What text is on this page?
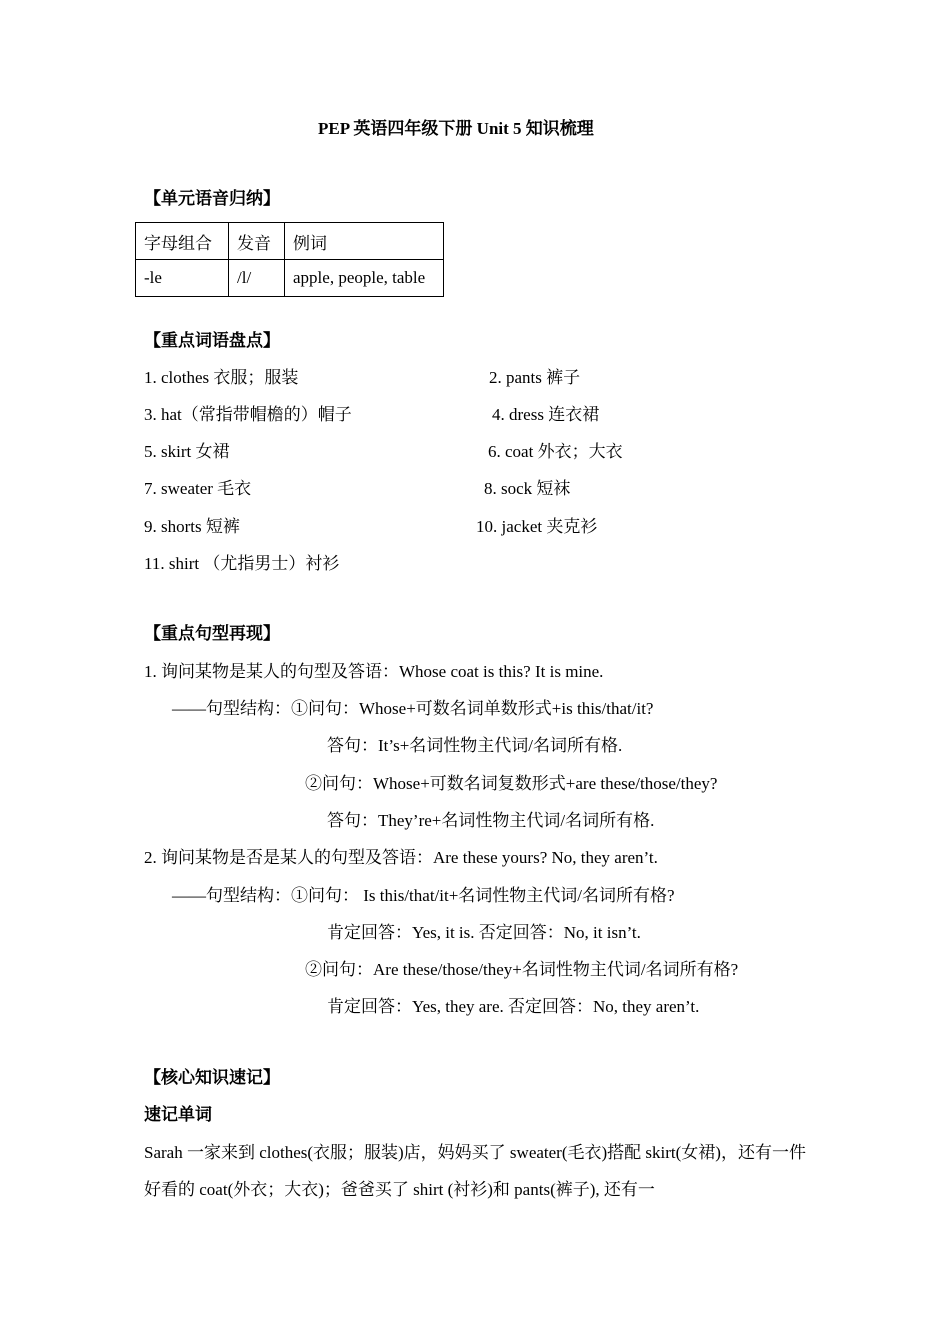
PEP 英语四年级下册 Unit 5 知识梳理
【单元语音归纳】
字母组合	发音	例词
-le	/l/	apple, people, table
【重点词语盘点】
1. clothes 衣服；服装	2. pants 裤子
3. hat（常指带帽檐的）帽子	4. dress 连衣裙
5. skirt 女裙	6. coat 外衣；大衣
7. sweater 毛衣	8. sock 短袜
9. shorts 短裤	10. jacket 夹克衫
11. shirt （尤指男士）衬衫
【重点句型再现】
1. 询问某物是某人的句型及答语：Whose coat is this? It is mine.
——句型结构：①问句：Whose+可数名词单数形式+is this/that/it?
答句：It’s+名词性物主代词/名词所有格.
②问句：Whose+可数名词复数形式+are these/those/they?
答句：They’re+名词性物主代词/名词所有格.
2. 询问某物是否是某人的句型及答语：Are these yours? No, they aren’t.
——句型结构：①问句： Is this/that/it+名词性物主代词/名词所有格?
肯定回答：Yes, it is. 否定回答：No, it isn’t.
②问句：Are these/those/they+名词性物主代词/名词所有格?
肯定回答：Yes, they are. 否定回答：No, they aren’t.
【核心知识速记】
速记单词
Sarah 一家来到 clothes(衣服；服装)店，妈妈买了 sweater(毛衣)搭配 skirt(女裙)，还有一件好看的 coat(外衣；大衣)；爸爸买了 shirt (衬衫)和 pants(裤子), 还有一
